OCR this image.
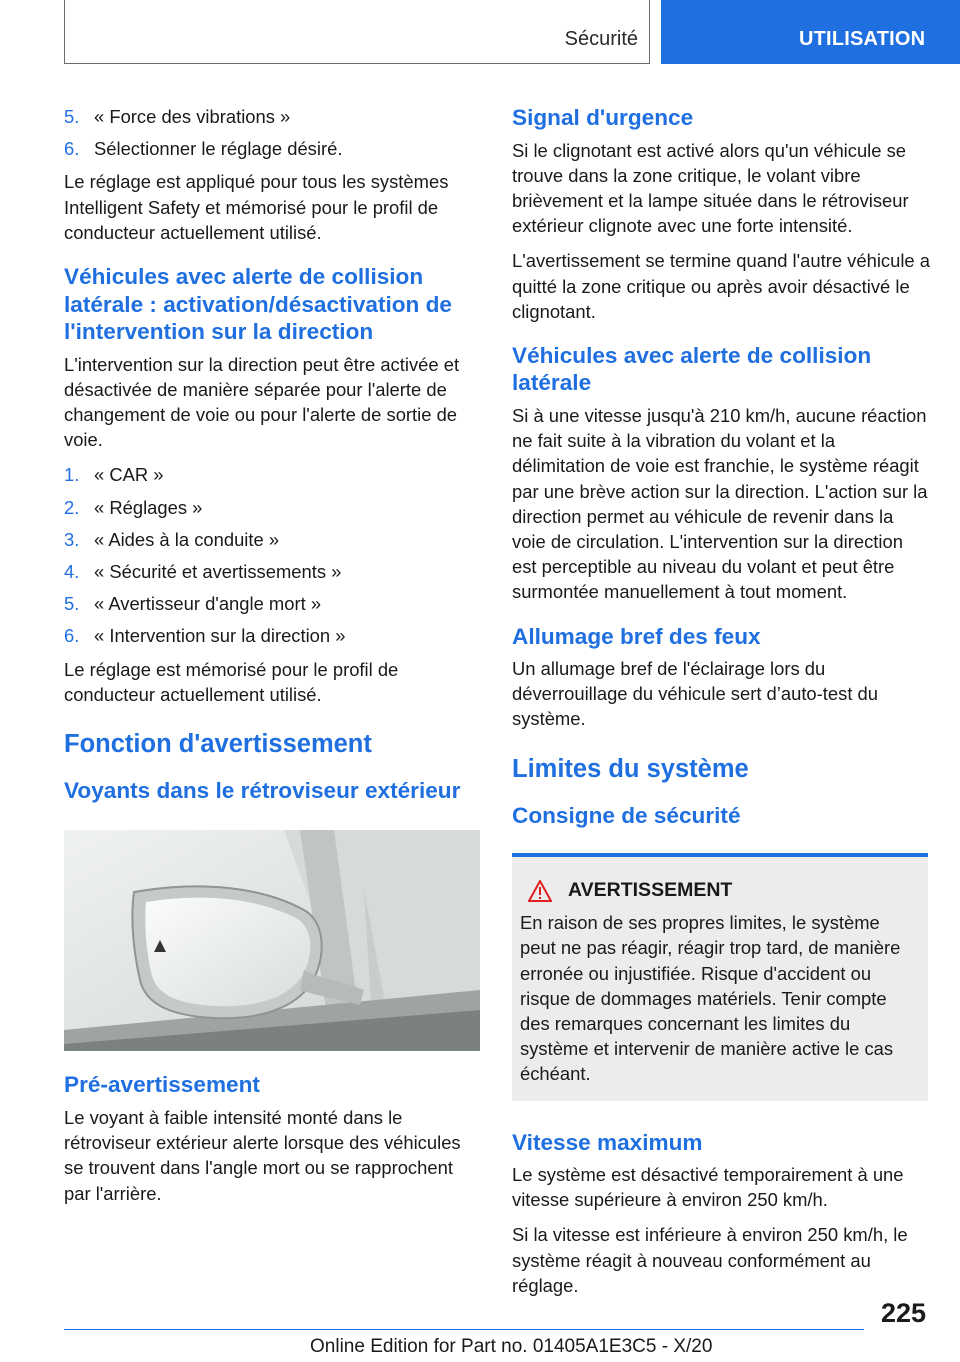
Sécurité	UTILISATION
5. « Force des vibrations »
6. Sélectionner le réglage désiré.

Le réglage est appliqué pour tous les systèmes Intelligent Safety et mémorisé pour le profil de conducteur actuellement utilisé.

Véhicules avec alerte de collision latérale : activation/désactivation de l'intervention sur la direction

L'intervention sur la direction peut être activée et désactivée de manière séparée pour l'alerte de changement de voie ou pour l'alerte de sortie de voie.

1. « CAR »
2. « Réglages »
3. « Aides à la conduite »
4. « Sécurité et avertissements »
5. « Avertisseur d'angle mort »
6. « Intervention sur la direction »

Le réglage est mémorisé pour le profil de conducteur actuellement utilisé.

Fonction d'avertissement
Voyants dans le rétroviseur extérieur
Pré-avertissement

Le voyant à faible intensité monté dans le rétroviseur extérieur alerte lorsque des véhicules se trouvent dans l'angle mort ou se rapprochent par l'arrière.

Signal d'urgence

Si le clignotant est activé alors qu'un véhicule se trouve dans la zone critique, le volant vibre brièvement et la lampe située dans le rétroviseur extérieur clignote avec une forte intensité.

L'avertissement se termine quand l'autre véhicule a quitté la zone critique ou après avoir désactivé le clignotant.

Véhicules avec alerte de collision latérale

Si à une vitesse jusqu'à 210 km/h, aucune réaction ne fait suite à la vibration du volant et la délimitation de voie est franchie, le système réagit par une brève action sur la direction. L'action sur la direction permet au véhicule de revenir dans la voie de circulation. L'intervention sur la direction est perceptible au niveau du volant et peut être surmontée manuellement à tout moment.

Allumage bref des feux

Un allumage bref de l'éclairage lors du déverrouillage du véhicule sert d’auto-test du système.

Limites du système
Consigne de sécurité
AVERTISSEMENT

En raison de ses propres limites, le système peut ne pas réagir, réagir trop tard, de manière erronée ou injustifiée. Risque d'accident ou risque de dommages matériels. Tenir compte des remarques concernant les limites du système et intervenir de manière active le cas échéant.

Vitesse maximum

Le système est désactivé temporairement à une vitesse supérieure à environ 250 km/h.

Si la vitesse est inférieure à environ 250 km/h, le système réagit à nouveau conformément au réglage.

225
Online Edition for Part no. 01405A1E3C5 - X/20
